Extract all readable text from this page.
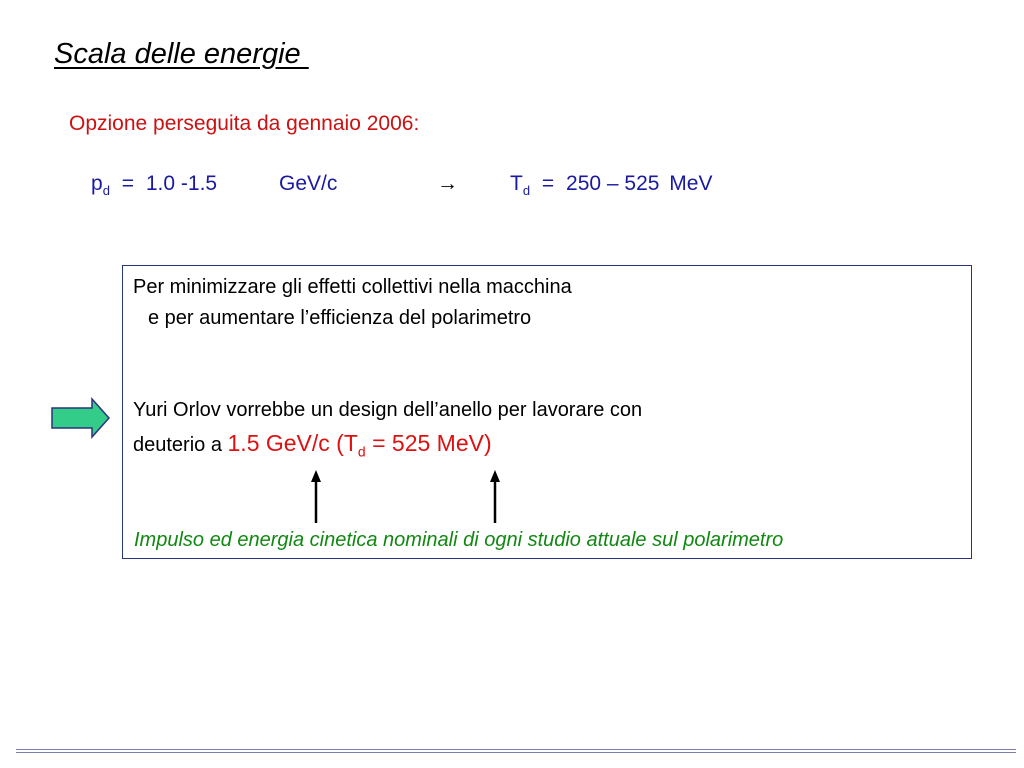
Scala delle energie
Opzione perseguita da gennaio 2006:
$p_d = 1.0$ -1.5	GeV/c	→ $T_d = 250 - 525$ MeV
Per minimizzare gli effetti collettivi nella macchina
e per aumentare l’efficienza del polarimetro
Yuri Orlov vorrebbe un design dell’anello per lavorare con
deuterio a 1.5 GeV/c ($T_d = 525$ MeV)
Impulso ed energia cinetica nominali di ogni studio attuale sul polarimetro
